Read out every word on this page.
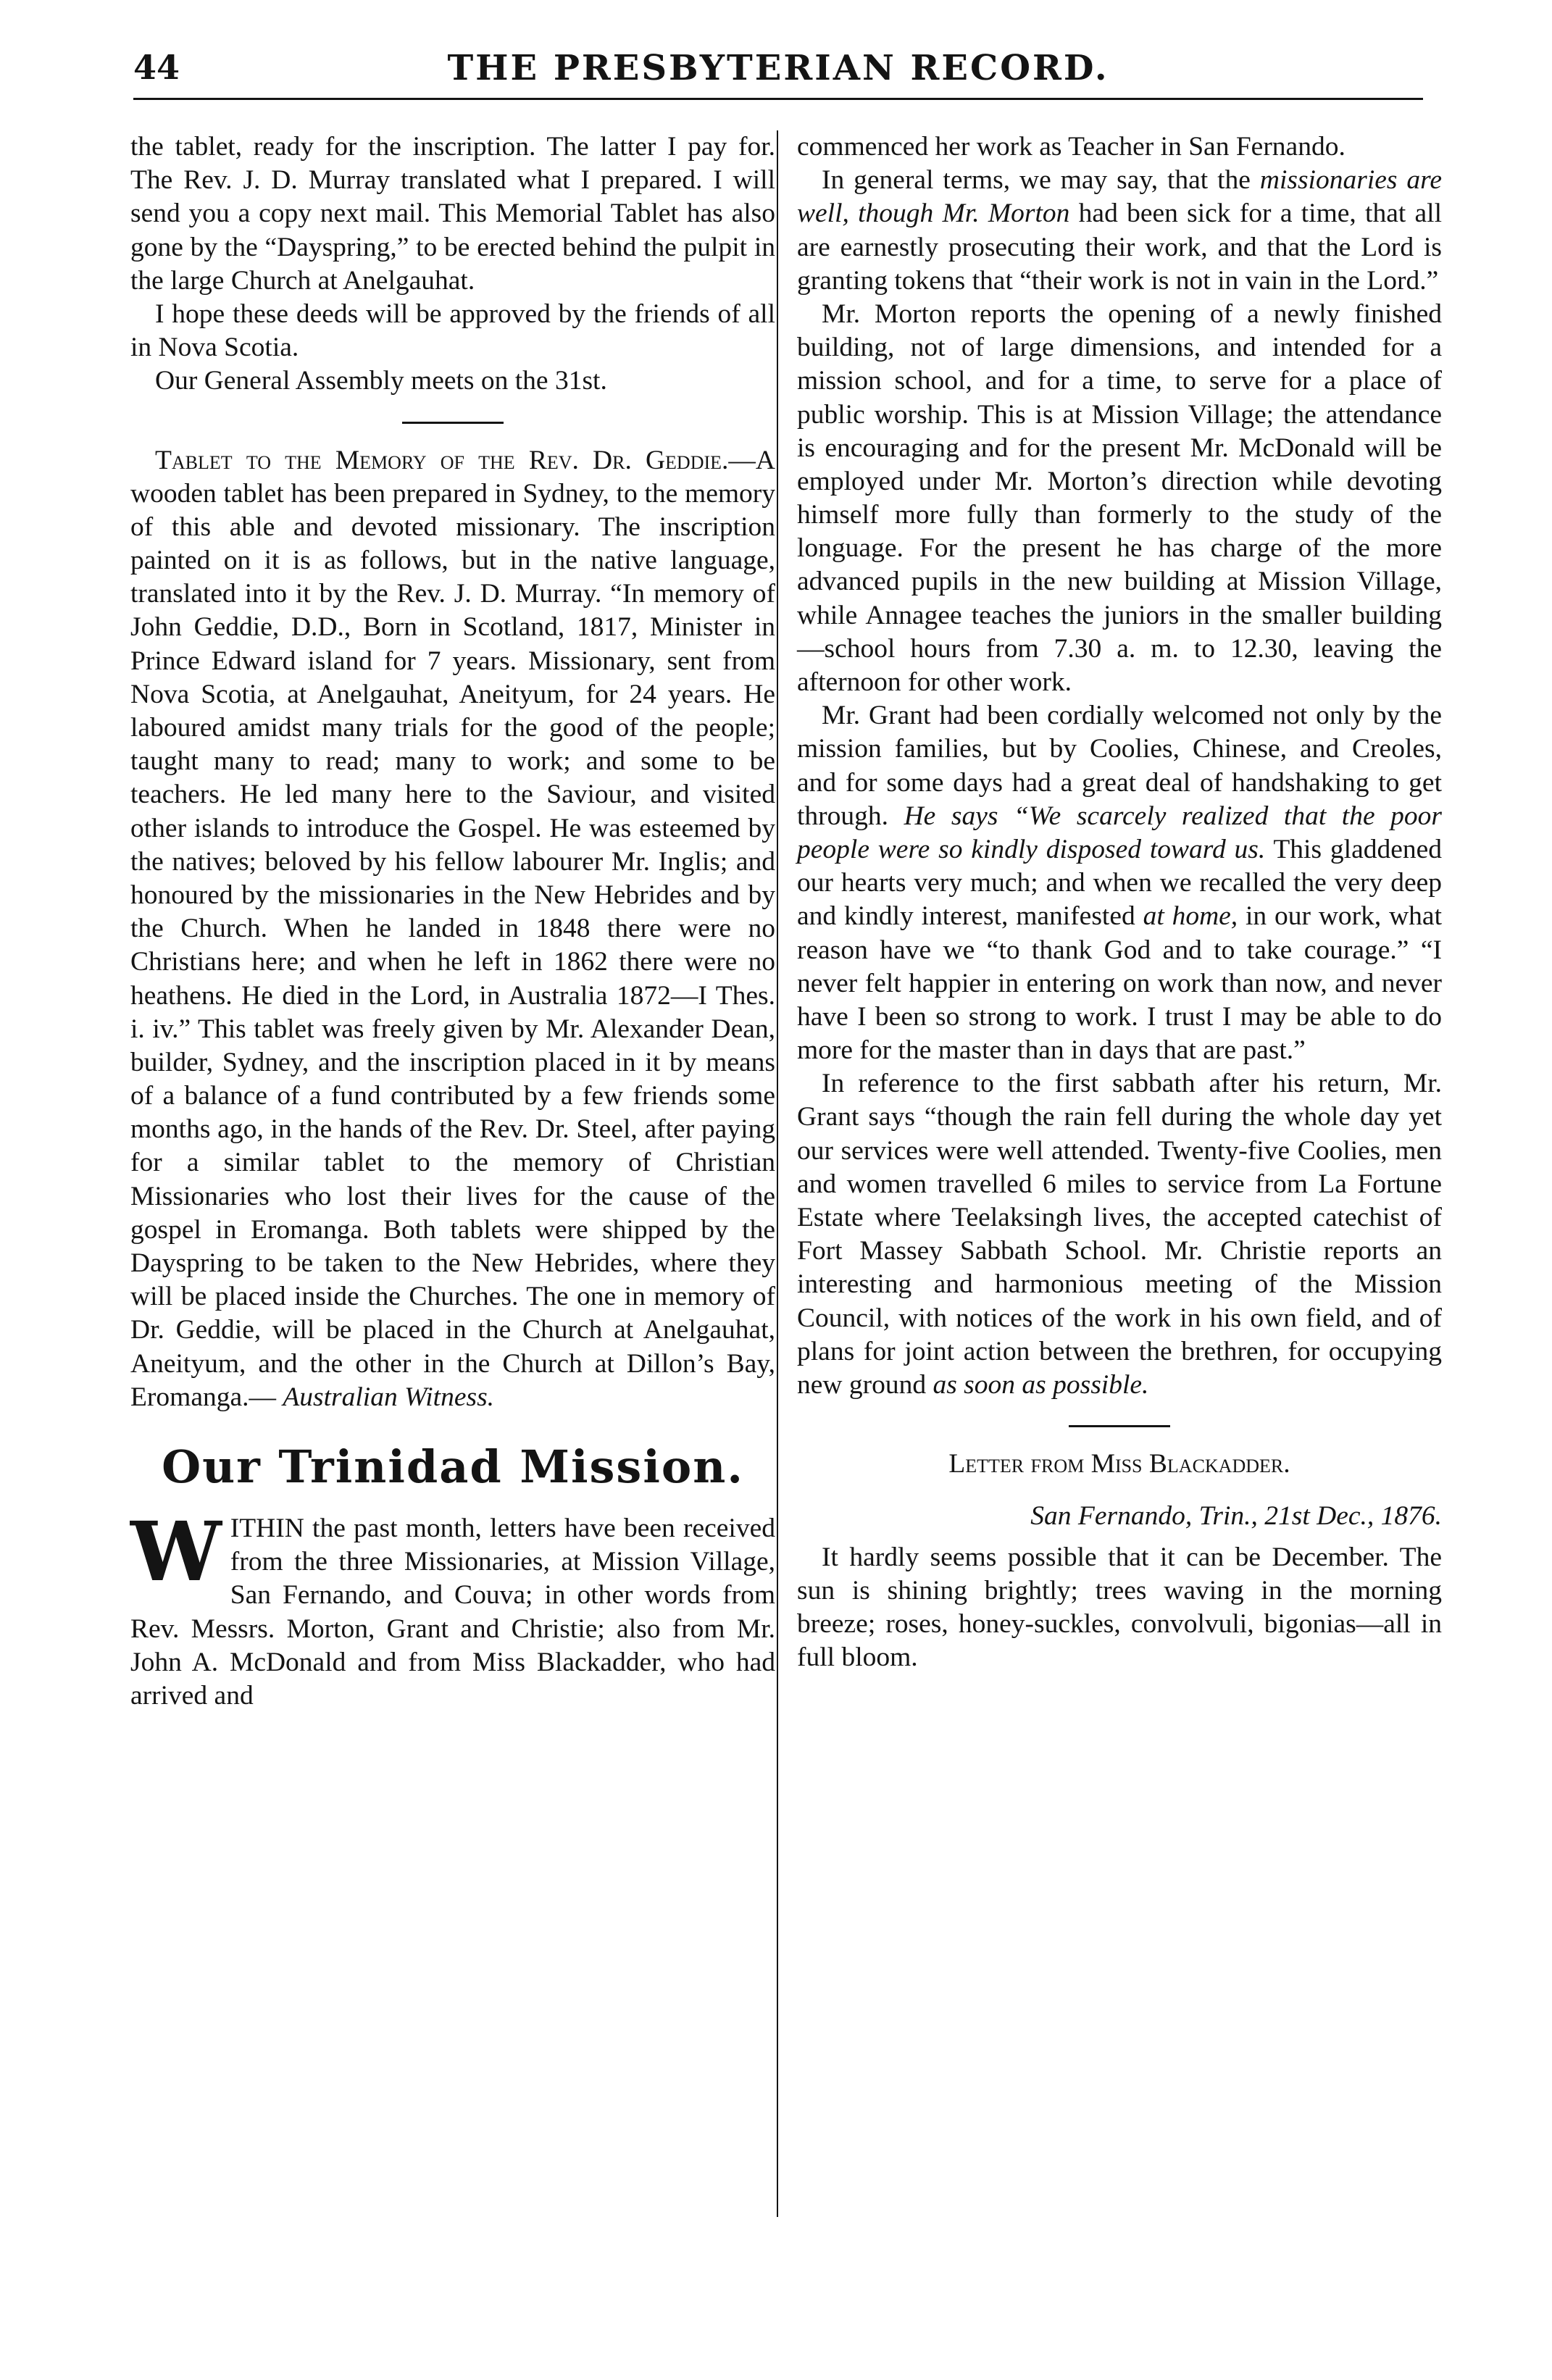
44	THE PRESBYTERIAN RECORD.

the tablet, ready for the inscription. The latter I pay for. The Rev. J. D. Murray translated what I prepared. I will send you a copy next mail. This Memorial Tablet has also gone by the “Dayspring,” to be erected behind the pulpit in the large Church at Anelgauhat.

I hope these deeds will be approved by the friends of all in Nova Scotia.

Our General Assembly meets on the 31st.

Tablet to the Memory of the Rev. Dr. Geddie.—A wooden tablet has been prepared in Sydney, to the memory of this able and devoted missionary. The inscription painted on it is as follows, but in the native language, translated into it by the Rev. J. D. Murray. “In memory of John Geddie, D.D., Born in Scotland, 1817, Minister in Prince Edward island for 7 years. Missionary, sent from Nova Scotia, at Anelgauhat, Aneityum, for 24 years. He laboured amidst many trials for the good of the people; taught many to read; many to work; and some to be teachers. He led many here to the Saviour, and visited other islands to introduce the Gospel. He was esteemed by the natives; beloved by his fellow labourer Mr. Inglis; and honoured by the missionaries in the New Hebrides and by the Church. When he landed in 1848 there were no Christians here; and when he left in 1862 there were no heathens. He died in the Lord, in Australia 1872—I Thes. i. iv.” This tablet was freely given by Mr. Alexander Dean, builder, Sydney, and the inscription placed in it by means of a balance of a fund contributed by a few friends some months ago, in the hands of the Rev. Dr. Steel, after paying for a similar tablet to the memory of Christian Missionaries who lost their lives for the cause of the gospel in Eromanga. Both tablets were shipped by the Dayspring to be taken to the New Hebrides, where they will be placed inside the Churches. The one in memory of Dr. Geddie, will be placed in the Church at Anelgauhat, Aneityum, and the other in the Church at Dillon’s Bay, Eromanga.— Australian Witness.

Our Trinidad Mission.

WITHIN the past month, letters have been received from the three Missionaries, at Mission Village, San Fernando, and Couva; in other words from Rev. Messrs. Morton, Grant and Christie; also from Mr. John A. McDonald and from Miss Blackadder, who had arrived and

commenced her work as Teacher in San Fernando.

In general terms, we may say, that the missionaries are well, though Mr. Morton had been sick for a time, that all are earnestly prosecuting their work, and that the Lord is granting tokens that “their work is not in vain in the Lord.”

Mr. Morton reports the opening of a newly finished building, not of large dimensions, and intended for a mission school, and for a time, to serve for a place of public worship. This is at Mission Village; the attendance is encouraging and for the present Mr. McDonald will be employed under Mr. Morton’s direction while devoting himself more fully than formerly to the study of the longuage. For the present he has charge of the more advanced pupils in the new building at Mission Village, while Annagee teaches the juniors in the smaller building—school hours from 7.30 a. m. to 12.30, leaving the afternoon for other work.

Mr. Grant had been cordially welcomed not only by the mission families, but by Coolies, Chinese, and Creoles, and for some days had a great deal of handshaking to get through. He says “We scarcely realized that the poor people were so kindly disposed toward us. This gladdened our hearts very much; and when we recalled the very deep and kindly interest, manifested at home, in our work, what reason have we “to thank God and to take courage.” “I never felt happier in entering on work than now, and never have I been so strong to work. I trust I may be able to do more for the master than in days that are past.”

In reference to the first sabbath after his return, Mr. Grant says “though the rain fell during the whole day yet our services were well attended. Twenty-five Coolies, men and women travelled 6 miles to service from La Fortune Estate where Teelaksingh lives, the accepted catechist of Fort Massey Sabbath School. Mr. Christie reports an interesting and harmonious meeting of the Mission Council, with notices of the work in his own field, and of plans for joint action between the brethren, for occupying new ground as soon as possible.

Letter from Miss Blackadder.
San Fernando, Trin., 21st Dec., 1876.

It hardly seems possible that it can be December. The sun is shining brightly; trees waving in the morning breeze; roses, honey-suckles, convolvuli, bigonias—all in full bloom.
